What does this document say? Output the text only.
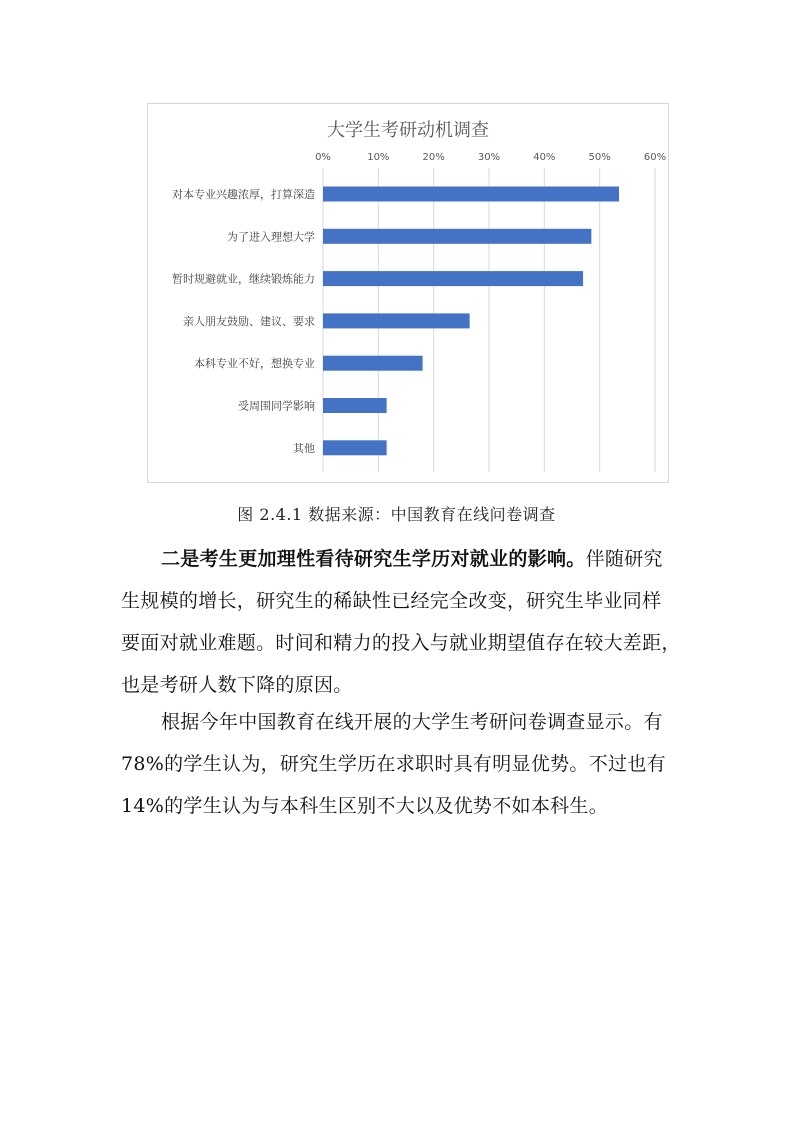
大学生考研动机调查
0%	10%	20%	30%	40%	50%	60%
对本专业兴趣浓厚，打算深造
为了进入理想大学
暂时规避就业，继续锻炼能力
亲人朋友鼓励、建议、要求
本科专业不好，想换专业
受周围同学影响
其他
图 2.4.1 数据来源：中国教育在线问卷调查

二是考生更加理性看待研究生学历对就业的影响。伴随研究
生规模的增长，研究生的稀缺性已经完全改变，研究生毕业同样
要面对就业难题。时间和精力的投入与就业期望值存在较大差距，
也是考研人数下降的原因。

根据今年中国教育在线开展的大学生考研问卷调查显示。有
78%的学生认为，研究生学历在求职时具有明显优势。不过也有
14%的学生认为与本科生区别不大以及优势不如本科生。
